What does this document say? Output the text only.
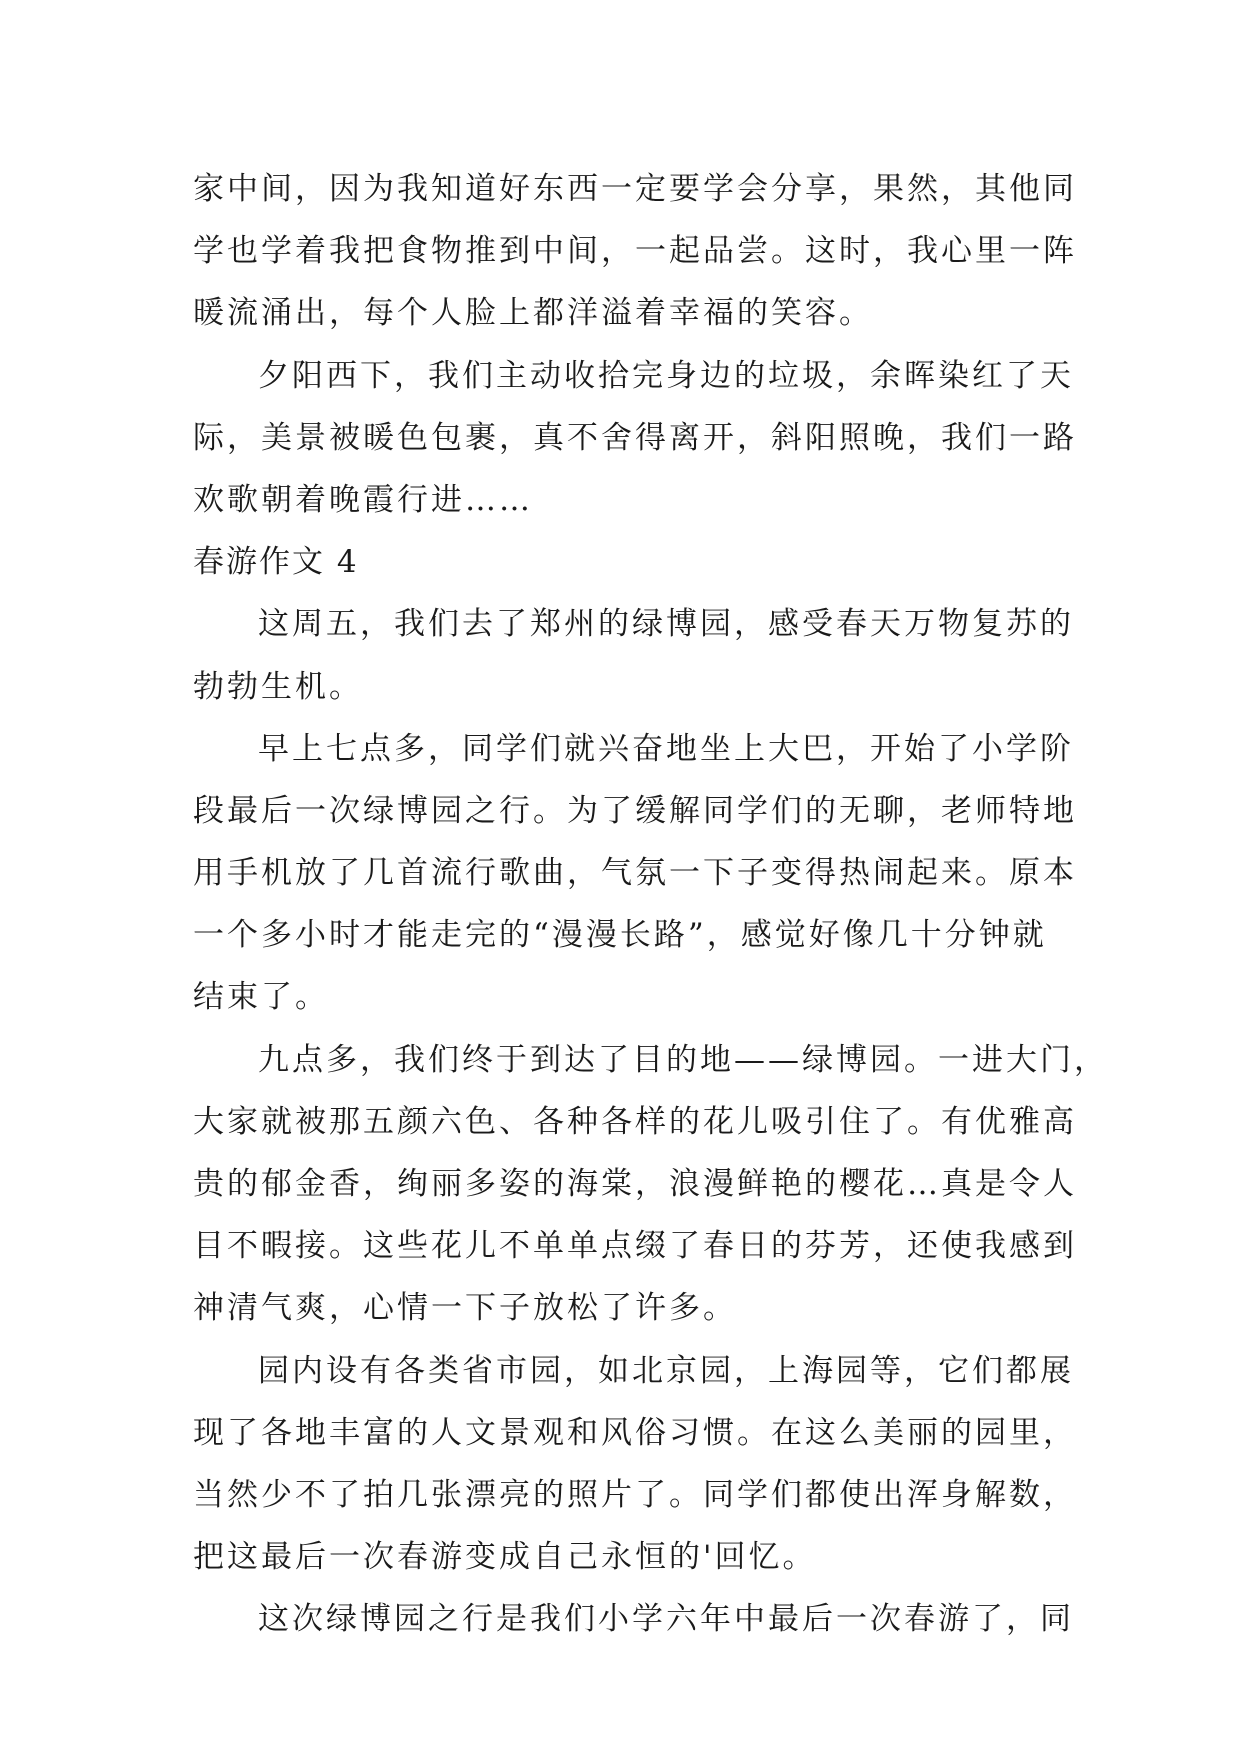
家中间，因为我知道好东西一定要学会分享，果然，其他同
学也学着我把食物推到中间，一起品尝。这时，我心里一阵
暖流涌出，每个人脸上都洋溢着幸福的笑容。
夕阳西下，我们主动收拾完身边的垃圾，余晖染红了天
际，美景被暖色包裹，真不舍得离开，斜阳照晚，我们一路
欢歌朝着晚霞行进……
春游作文 4
这周五，我们去了郑州的绿博园，感受春天万物复苏的
勃勃生机。
早上七点多，同学们就兴奋地坐上大巴，开始了小学阶
段最后一次绿博园之行。为了缓解同学们的无聊，老师特地
用手机放了几首流行歌曲，气氛一下子变得热闹起来。原本
一个多小时才能走完的“漫漫长路”，感觉好像几十分钟就
结束了。
九点多，我们终于到达了目的地——绿博园。一进大门，
大家就被那五颜六色、各种各样的花儿吸引住了。有优雅高
贵的郁金香，绚丽多姿的海棠，浪漫鲜艳的樱花…真是令人
目不暇接。这些花儿不单单点缀了春日的芬芳，还使我感到
神清气爽，心情一下子放松了许多。
园内设有各类省市园，如北京园，上海园等，它们都展
现了各地丰富的人文景观和风俗习惯。在这么美丽的园里，
当然少不了拍几张漂亮的照片了。同学们都使出浑身解数，
把这最后一次春游变成自己永恒的'回忆。
这次绿博园之行是我们小学六年中最后一次春游了，同
